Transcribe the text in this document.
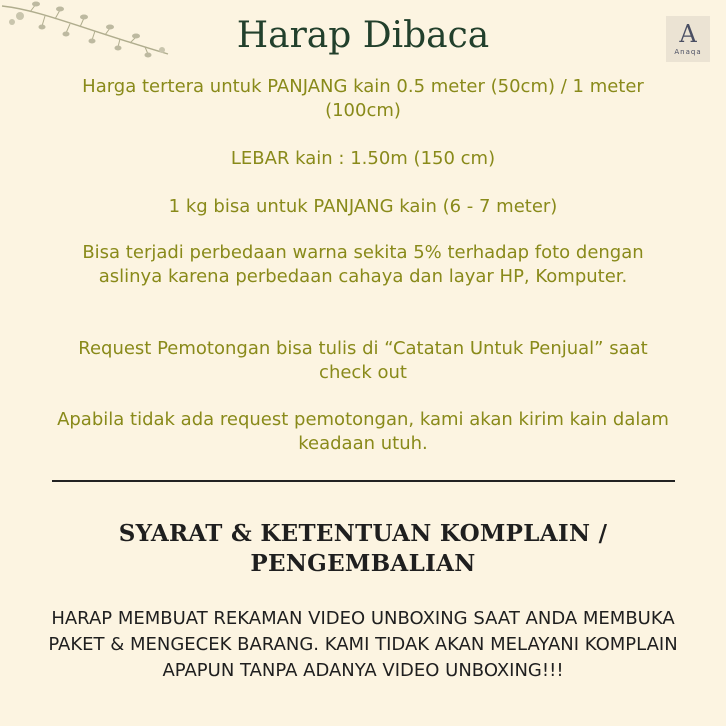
A
Anaqa
Harap Dibaca

Harga tertera untuk PANJANG kain 0.5 meter (50cm) / 1 meter (100cm)

LEBAR kain : 1.50m (150 cm)

1 kg bisa untuk PANJANG kain (6 - 7 meter)

Bisa terjadi perbedaan warna sekita 5% terhadap foto dengan aslinya karena perbedaan cahaya dan layar HP, Komputer.

Request Pemotongan bisa tulis di “Catatan Untuk Penjual” saat check out

Apabila tidak ada request pemotongan, kami akan kirim kain dalam keadaan utuh.

SYARAT & KETENTUAN KOMPLAIN / PENGEMBALIAN

HARAP MEMBUAT REKAMAN VIDEO UNBOXING SAAT ANDA MEMBUKA PAKET & MENGECEK BARANG. KAMI TIDAK AKAN MELAYANI KOMPLAIN APAPUN TANPA ADANYA VIDEO UNBOXING!!!
